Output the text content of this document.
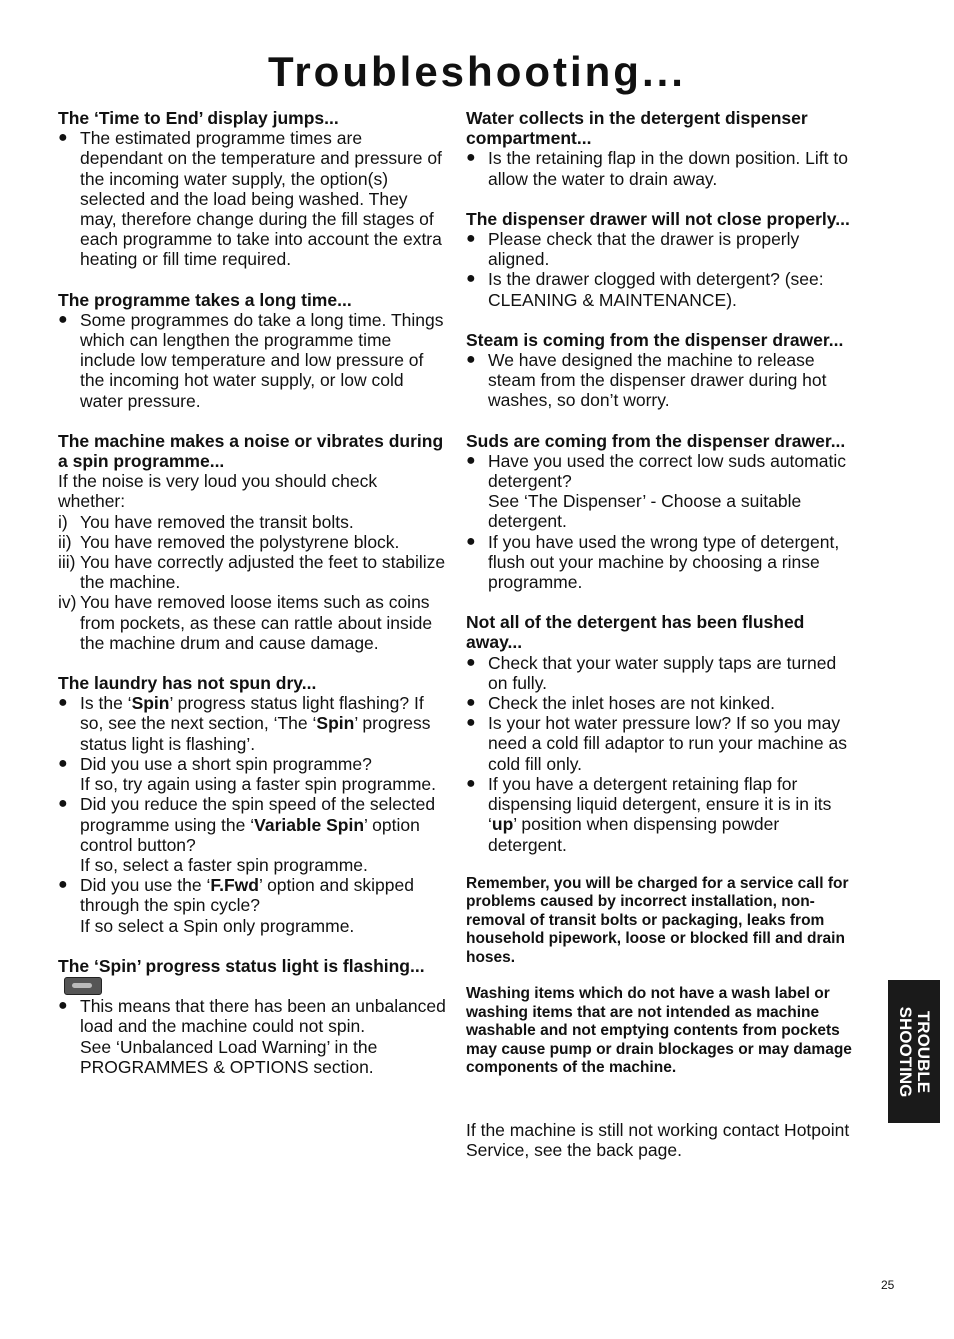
Troubleshooting...
The ‘Time to End’ display jumps...
● The estimated programme times are dependant on the temperature and pressure of the incoming water supply, the option(s) selected and the load being washed. They may, therefore change during the fill stages of each programme to take into account the extra heating or fill time required.
The programme takes a long time...
● Some programmes do take a long time. Things which can lengthen the programme time include low temperature and low pressure of the incoming hot water supply, or low cold water pressure.
The machine makes a noise or vibrates during a spin programme...
If the noise is very loud you should check whether:
i) You have removed the transit bolts.
ii) You have removed the polystyrene block.
iii) You have correctly adjusted the feet to stabilize the machine.
iv) You have removed loose items such as coins from pockets, as these can rattle about inside the machine drum and cause damage.
The laundry has not spun dry...
● Is the ‘Spin’ progress status light flashing? If so, see the next section, ‘The ‘Spin’ progress status light is flashing’.
● Did you use a short spin programme?
If so, try again using a faster spin programme.
● Did you reduce the spin speed of the selected programme using the ‘Variable Spin’ option control button?
If so, select a faster spin programme.
● Did you use the ‘F.Fwd’ option and skipped through the spin cycle?
If so select a Spin only programme.
The ‘Spin’ progress status light is flashing...
● This means that there has been an unbalanced load and the machine could not spin.
See ‘Unbalanced Load Warning’ in the PROGRAMMES & OPTIONS section.
Water collects in the detergent dispenser compartment...
● Is the retaining flap in the down position. Lift to allow the water to drain away.
The dispenser drawer will not close properly...
● Please check that the drawer is properly aligned.
● Is the drawer clogged with detergent? (see: CLEANING & MAINTENANCE).
Steam is coming from the dispenser drawer...
● We have designed the machine to release steam from the dispenser drawer during hot washes, so don’t worry.
Suds are coming from the dispenser drawer...
● Have you used the correct low suds automatic detergent?
See ‘The Dispenser’ - Choose a suitable detergent.
● If you have used the wrong type of detergent, flush out your machine by choosing a rinse programme.
Not all of the detergent has been flushed away...
● Check that your water supply taps are turned on fully.
● Check the inlet hoses are not kinked.
● Is your hot water pressure low? If so you may need a cold fill adaptor to run your machine as cold fill only.
● If you have a detergent retaining flap for dispensing liquid detergent, ensure it is in its ‘up’ position when dispensing powder detergent.
Remember, you will be charged for a service call for problems caused by incorrect installation, non-removal of transit bolts or packaging, leaks from household pipework, loose or blocked fill and drain hoses.
Washing items which do not have a wash label or washing items that are not intended as machine washable and not emptying contents from pockets may cause pump or drain blockages or may damage components of the machine.
If the machine is still not working contact Hotpoint Service, see the back page.
TROUBLE
SHOOTING
25
